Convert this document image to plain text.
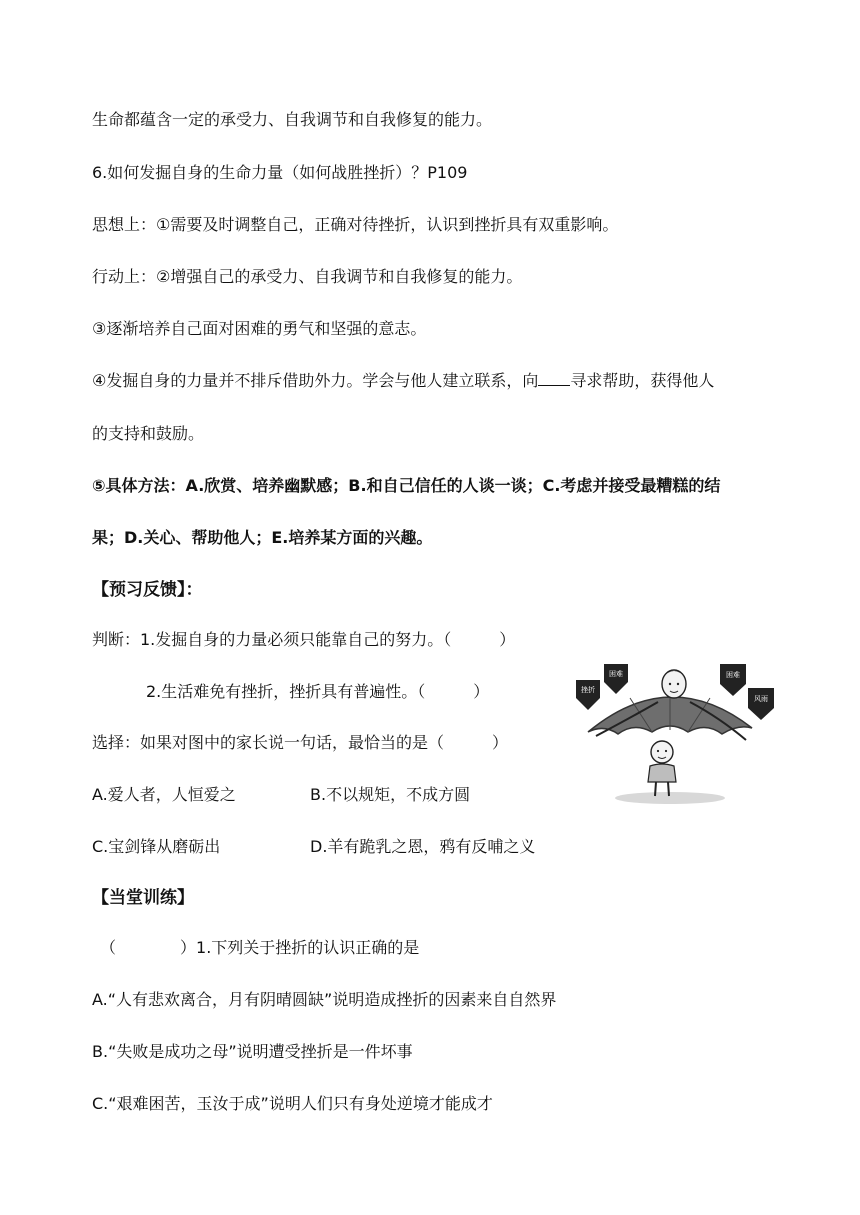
生命都蕴含一定的承受力、自我调节和自我修复的能力。
6.如何发掘自身的生命力量（如何战胜挫折）？P109
思想上：①需要及时调整自己，正确对待挫折，认识到挫折具有双重影响。
行动上：②增强自己的承受力、自我调节和自我修复的能力。
③逐渐培养自己面对困难的勇气和坚强的意志。
④发掘自身的力量并不排斥借助外力。学会与他人建立联系，向 寻求帮助，获得他人
的支持和鼓励。
⑤具体方法：A.欣赏、培养幽默感；B.和自己信任的人谈一谈；C.考虑并接受最糟糕的结
果；D.关心、帮助他人；E.培养某方面的兴趣。
【预习反馈】：
判断：1.发掘自身的力量必须只能靠自己的努力。（	）
2.生活难免有挫折，挫折具有普遍性。（	）
选择：如果对图中的家长说一句话，最恰当的是（	）
A.爱人者，人恒爱之	B.不以规矩，不成方圆
C.宝剑锋从磨砺出	D.羊有跪乳之恩，鸦有反哺之义
【当堂训练】
（	）1.下列关于挫折的认识正确的是
A.“人有悲欢离合，月有阴晴圆缺”说明造成挫折的因素来自自然界
B.“失败是成功之母”说明遭受挫折是一件坏事
C.“艰难困苦，玉汝于成”说明人们只有身处逆境才能成才
挫折
困难	困难
风雨
